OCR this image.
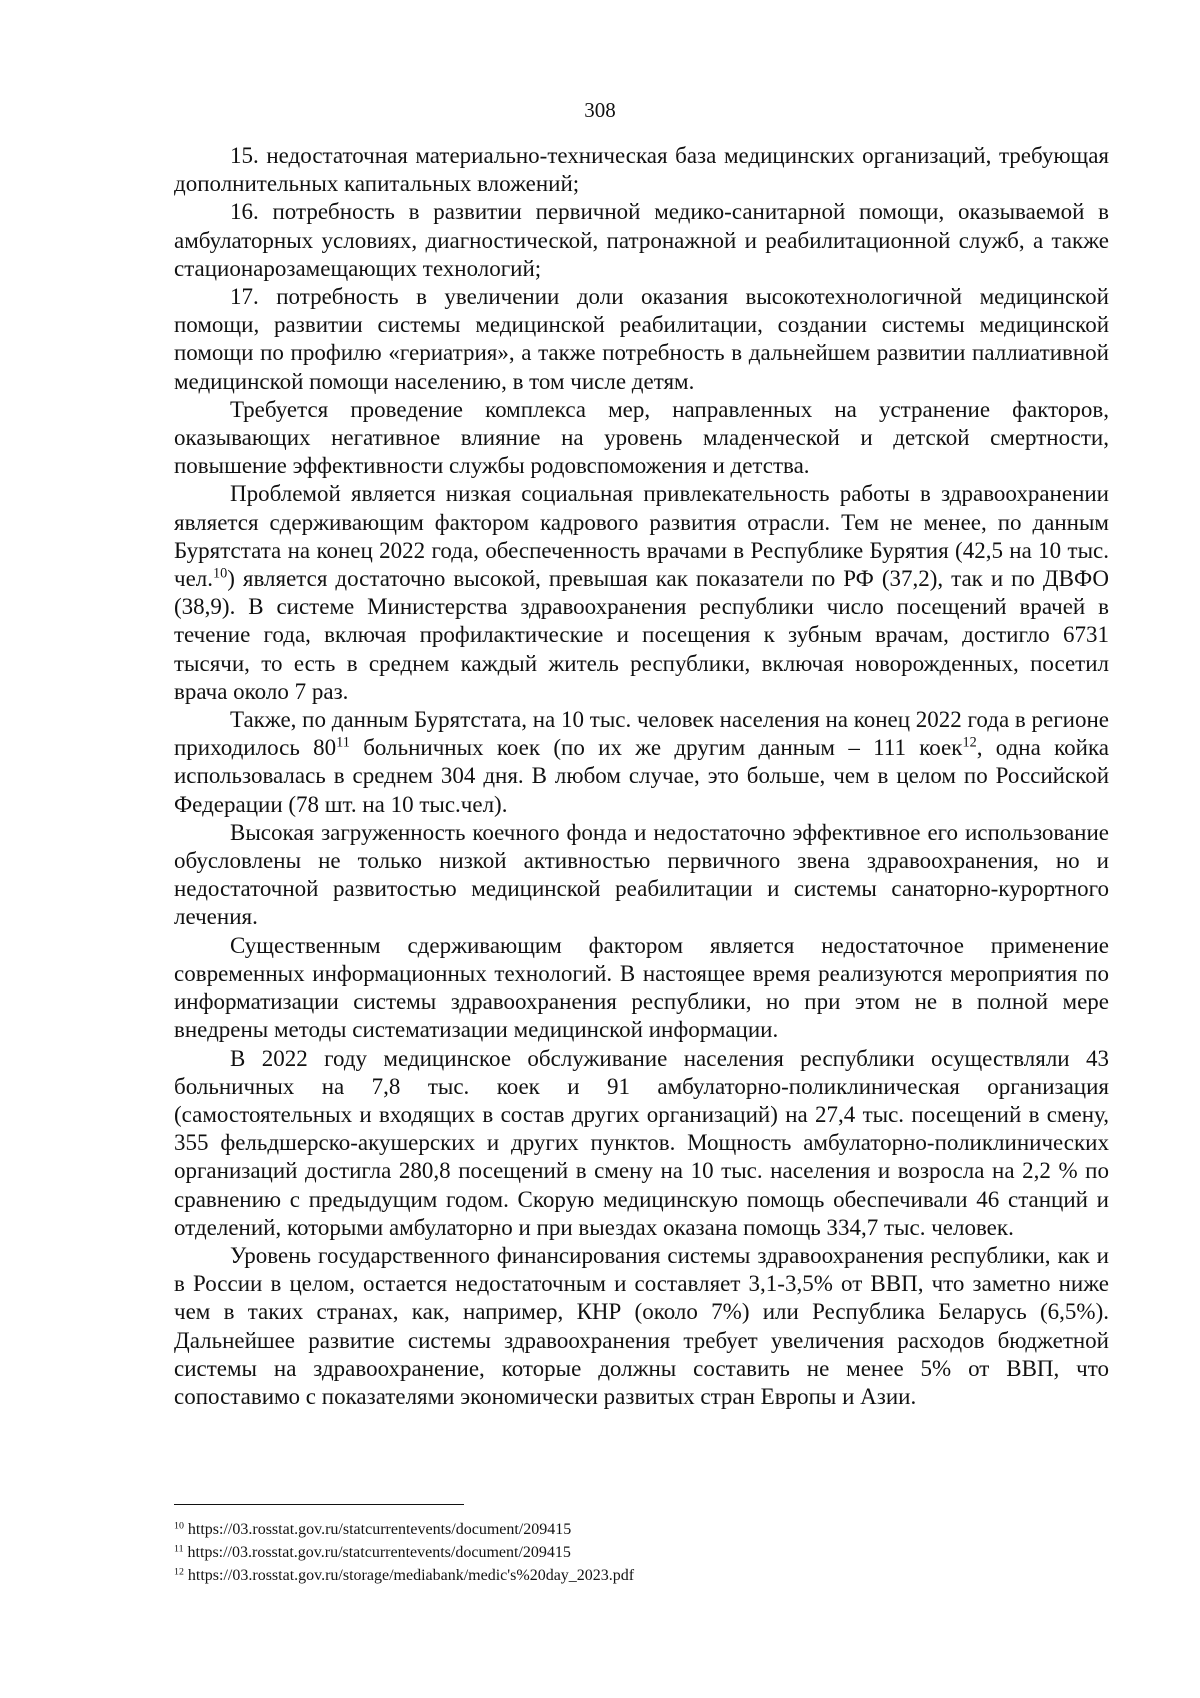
308

15. недостаточная материально-техническая база медицинских организаций, требующая дополнительных капитальных вложений;

16. потребность в развитии первичной медико-санитарной помощи, оказываемой в амбулаторных условиях, диагностической, патронажной и реабилитационной служб, а также стационарозамещающих технологий;

17. потребность в увеличении доли оказания высокотехнологичной медицинской помощи, развитии системы медицинской реабилитации, создании системы медицинской помощи по профилю «гериатрия», а также потребность в дальнейшем развитии паллиативной медицинской помощи населению, в том числе детям.

Требуется проведение комплекса мер, направленных на устранение факторов, оказывающих негативное влияние на уровень младенческой и детской смертности, повышение эффективности службы родовспоможения и детства.

Проблемой является низкая социальная привлекательность работы в здравоохранении является сдерживающим фактором кадрового развития отрасли. Тем не менее, по данным Бурятстата на конец 2022 года, обеспеченность врачами в Республике Бурятия (42,5 на 10 тыс. чел.$^{10}$) является достаточно высокой, превышая как показатели по РФ (37,2), так и по ДВФО (38,9). В системе Министерства здравоохранения республики число посещений врачей в течение года, включая профилактические и посещения к зубным врачам, достигло 6731 тысячи, то есть в среднем каждый житель республики, включая новорожденных, посетил врача около 7 раз.

Также, по данным Бурятстата, на 10 тыс. человек населения на конец 2022 года в регионе приходилось $80^{11}$ больничных коек (по их же другим данным – 111 коек$^{12}$, одна койка использовалась в среднем 304 дня. В любом случае, это больше, чем в целом по Российской Федерации (78 шт. на 10 тыс.чел).

Высокая загруженность коечного фонда и недостаточно эффективное его использование обусловлены не только низкой активностью первичного звена здравоохранения, но и недостаточной развитостью медицинской реабилитации и системы санаторно-курортного лечения.

Существенным сдерживающим фактором является недостаточное применение современных информационных технологий. В настоящее время реализуются мероприятия по информатизации системы здравоохранения республики, но при этом не в полной мере внедрены методы систематизации медицинской информации.

В 2022 году медицинское обслуживание населения республики осуществляли 43 больничных на 7,8 тыс. коек и 91 амбулаторно-поликлиническая организация (самостоятельных и входящих в состав других организаций) на 27,4 тыс. посещений в смену, 355 фельдшерско-акушерских и других пунктов. Мощность амбулаторно-поликлинических организаций достигла 280,8 посещений в смену на 10 тыс. населения и возросла на 2,2 % по сравнению с предыдущим годом. Скорую медицинскую помощь обеспечивали 46 станций и отделений, которыми амбулаторно и при выездах оказана помощь 334,7 тыс. человек.

Уровень государственного финансирования системы здравоохранения республики, как и в России в целом, остается недостаточным и составляет 3,1-3,5% от ВВП, что заметно ниже чем в таких странах, как, например, КНР (около 7%) или Республика Беларусь (6,5%). Дальнейшее развитие системы здравоохранения требует увеличения расходов бюджетной системы на здравоохранение, которые должны составить не менее 5% от ВВП, что сопоставимо с показателями экономически развитых стран Европы и Азии.

$^{10}$ https://03.rosstat.gov.ru/statcurrentevents/document/209415
$^{11}$ https://03.rosstat.gov.ru/statcurrentevents/document/209415
$^{12}$ https://03.rosstat.gov.ru/storage/mediabank/medic's%20day_2023.pdf
